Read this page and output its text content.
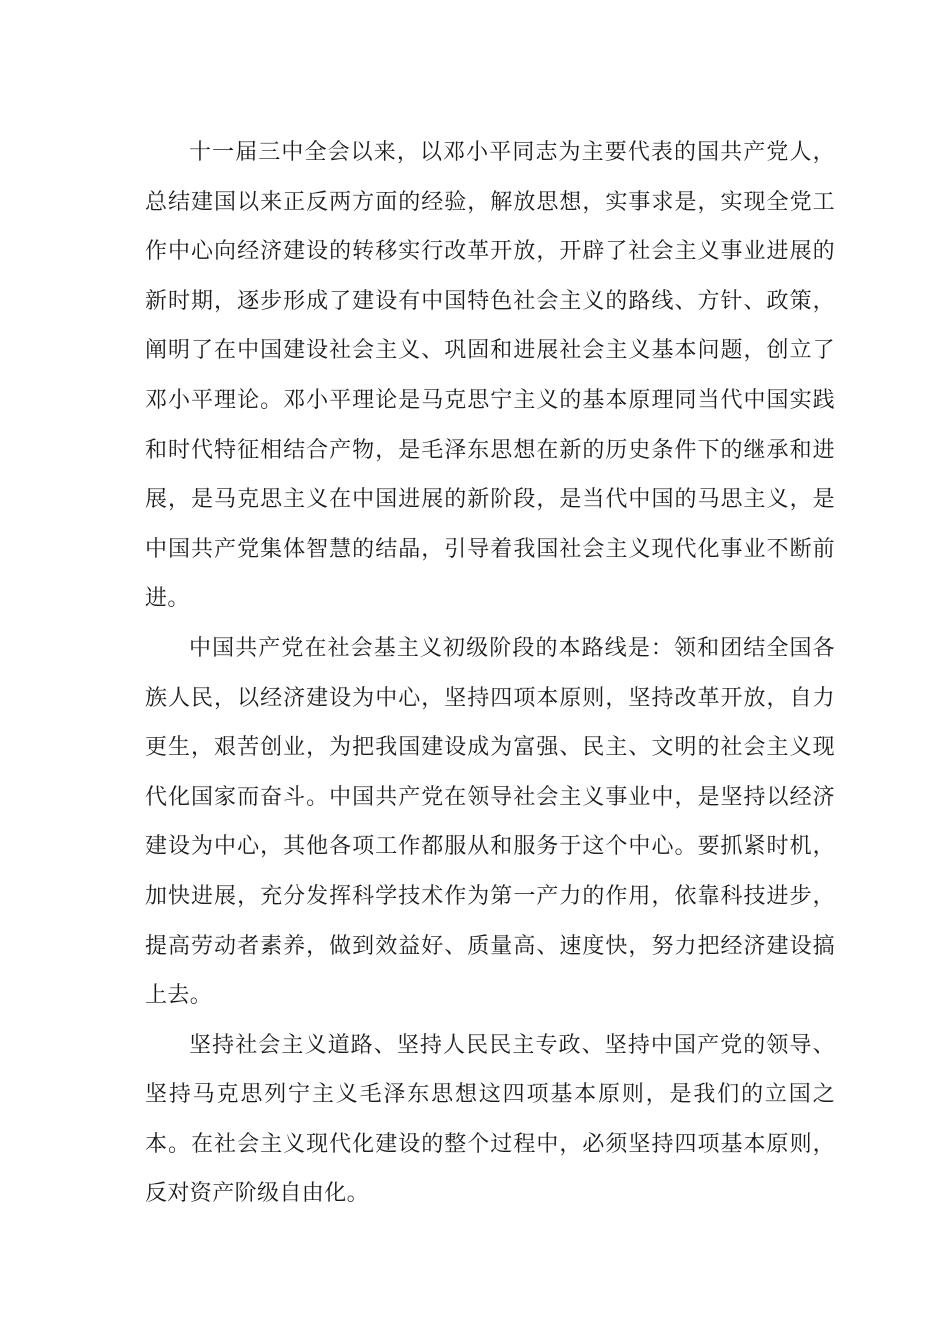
十一届三中全会以来，以邓小平同志为主要代表的国共产党人，总结建国以来正反两方面的经验，解放思想，实事求是，实现全党工作中心向经济建设的转移实行改革开放，开辟了社会主义事业进展的新时期，逐步形成了建设有中国特色社会主义的路线、方针、政策，阐明了在中国建设社会主义、巩固和进展社会主义基本问题，创立了邓小平理论。邓小平理论是马克思宁主义的基本原理同当代中国实践和时代特征相结合产物，是毛泽东思想在新的历史条件下的继承和进展，是马克思主义在中国进展的新阶段，是当代中国的马思主义，是中国共产党集体智慧的结晶，引导着我国社会主义现代化事业不断前进。

中国共产党在社会基主义初级阶段的本路线是：领和团结全国各族人民，以经济建设为中心，坚持四项本原则，坚持改革开放，自力更生，艰苦创业，为把我国建设成为富强、民主、文明的社会主义现代化国家而奋斗。中国共产党在领导社会主义事业中，是坚持以经济建设为中心，其他各项工作都服从和服务于这个中心。要抓紧时机，加快进展，充分发挥科学技术作为第一产力的作用，依靠科技进步，提高劳动者素养，做到效益好、质量高、速度快，努力把经济建设搞上去。

坚持社会主义道路、坚持人民民主专政、坚持中国产党的领导、坚持马克思列宁主义毛泽东思想这四项基本原则，是我们的立国之本。在社会主义现代化建设的整个过程中，必须坚持四项基本原则，反对资产阶级自由化。
